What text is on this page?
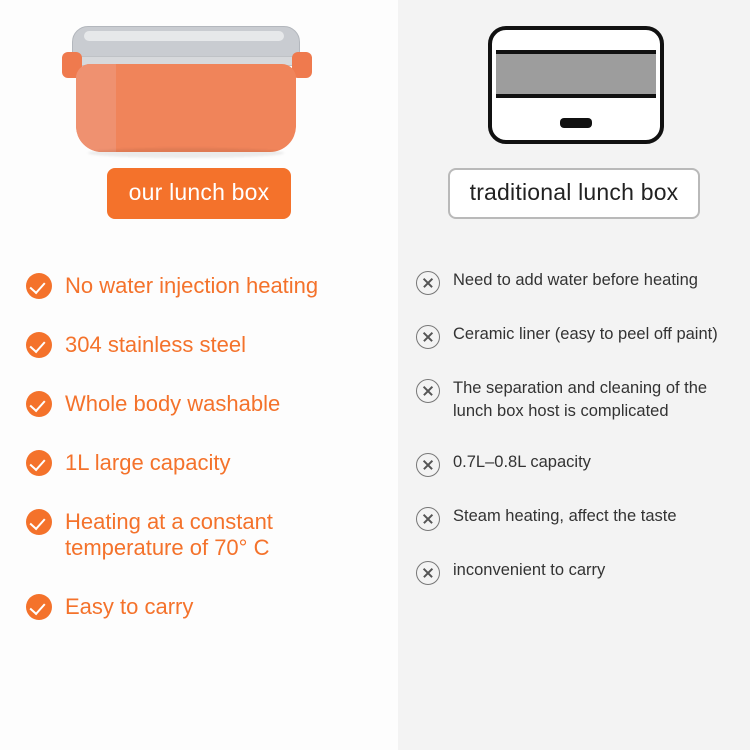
our lunch box
No water injection heating
304 stainless steel
Whole body washable
1L large capacity
Heating at a constant temperature of 70° C
Easy to carry
traditional lunch box
Need to add water before heating
Ceramic liner (easy to peel off paint)
The separation and cleaning of the lunch box host is complicated
0.7L–0.8L capacity
Steam heating, affect the taste
inconvenient to carry
